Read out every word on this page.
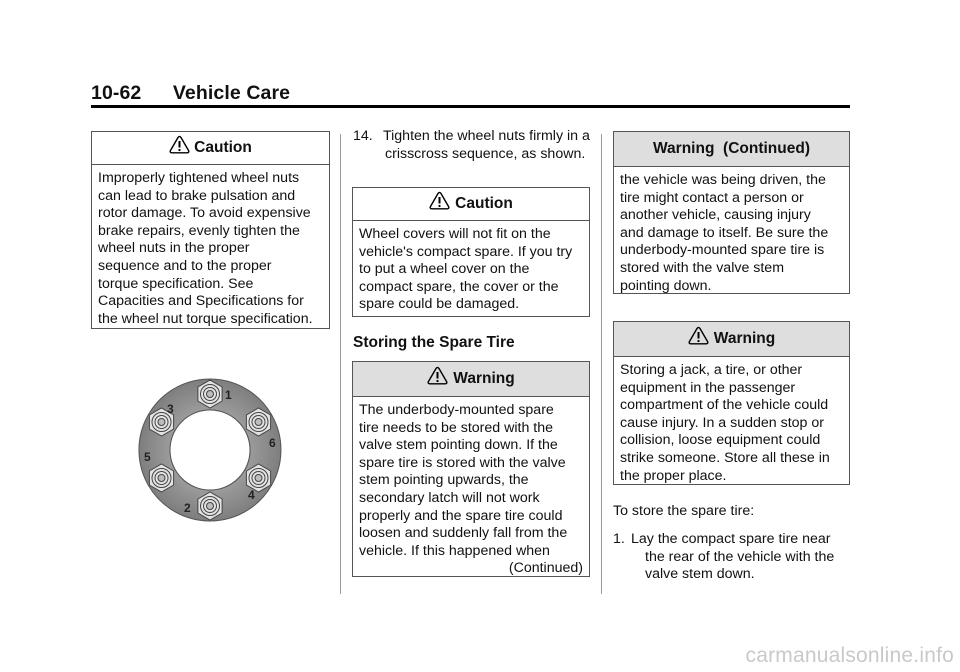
10-62 Vehicle Care
Caution
Improperly tightened wheel nuts
can lead to brake pulsation and
rotor damage. To avoid expensive
brake repairs, evenly tighten the
wheel nuts in the proper
sequence and to the proper
torque specification. See
Capacities and Specifications for
the wheel nut torque specification.
1
2
3
4
5
6
14. Tighten the wheel nuts firmly in a crisscross sequence, as shown.
Caution
Wheel covers will not fit on the
vehicle's compact spare. If you try
to put a wheel cover on the
compact spare, the cover or the
spare could be damaged.
Storing the Spare Tire
Warning
The underbody-mounted spare
tire needs to be stored with the
valve stem pointing down. If the
spare tire is stored with the valve
stem pointing upwards, the
secondary latch will not work
properly and the spare tire could
loosen and suddenly fall from the
vehicle. If this happened when
(Continued)
Warning  (Continued)
the vehicle was being driven, the
tire might contact a person or
another vehicle, causing injury
and damage to itself. Be sure the
underbody-mounted spare tire is
stored with the valve stem
pointing down.
Warning
Storing a jack, a tire, or other
equipment in the passenger
compartment of the vehicle could
cause injury. In a sudden stop or
collision, loose equipment could
strike someone. Store all these in
the proper place.
To store the spare tire:
1. Lay the compact spare tire near the rear of the vehicle with the valve stem down.
carmanualsonline.info
